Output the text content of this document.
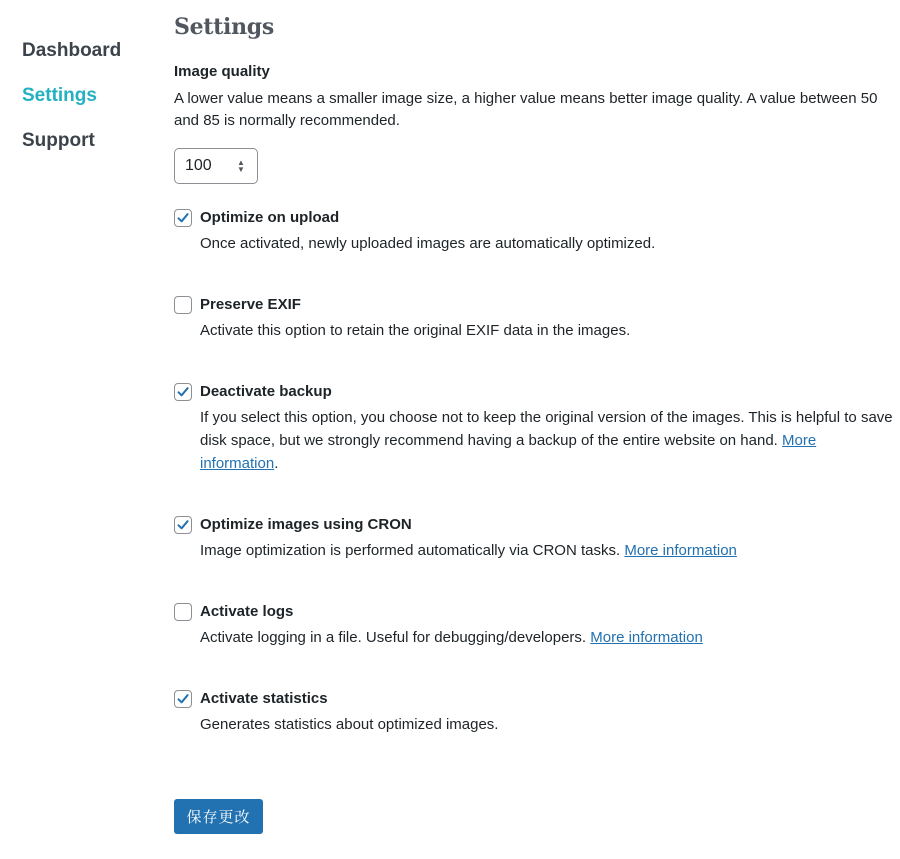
Dashboard
Settings
Support
Settings
Image quality
A lower value means a smaller image size, a higher value means better image quality. A value between 50 and 85 is normally recommended.
100	▲
▼
Optimize on upload
Once activated, newly uploaded images are automatically optimized.
Preserve EXIF
Activate this option to retain the original EXIF data in the images.
Deactivate backup
If you select this option, you choose not to keep the original version of the images. This is helpful to save disk space, but we strongly recommend having a backup of the entire website on hand. More information.
Optimize images using CRON
Image optimization is performed automatically via CRON tasks. More information
Activate logs
Activate logging in a file. Useful for debugging/developers. More information
Activate statistics
Generates statistics about optimized images.
保存更改
